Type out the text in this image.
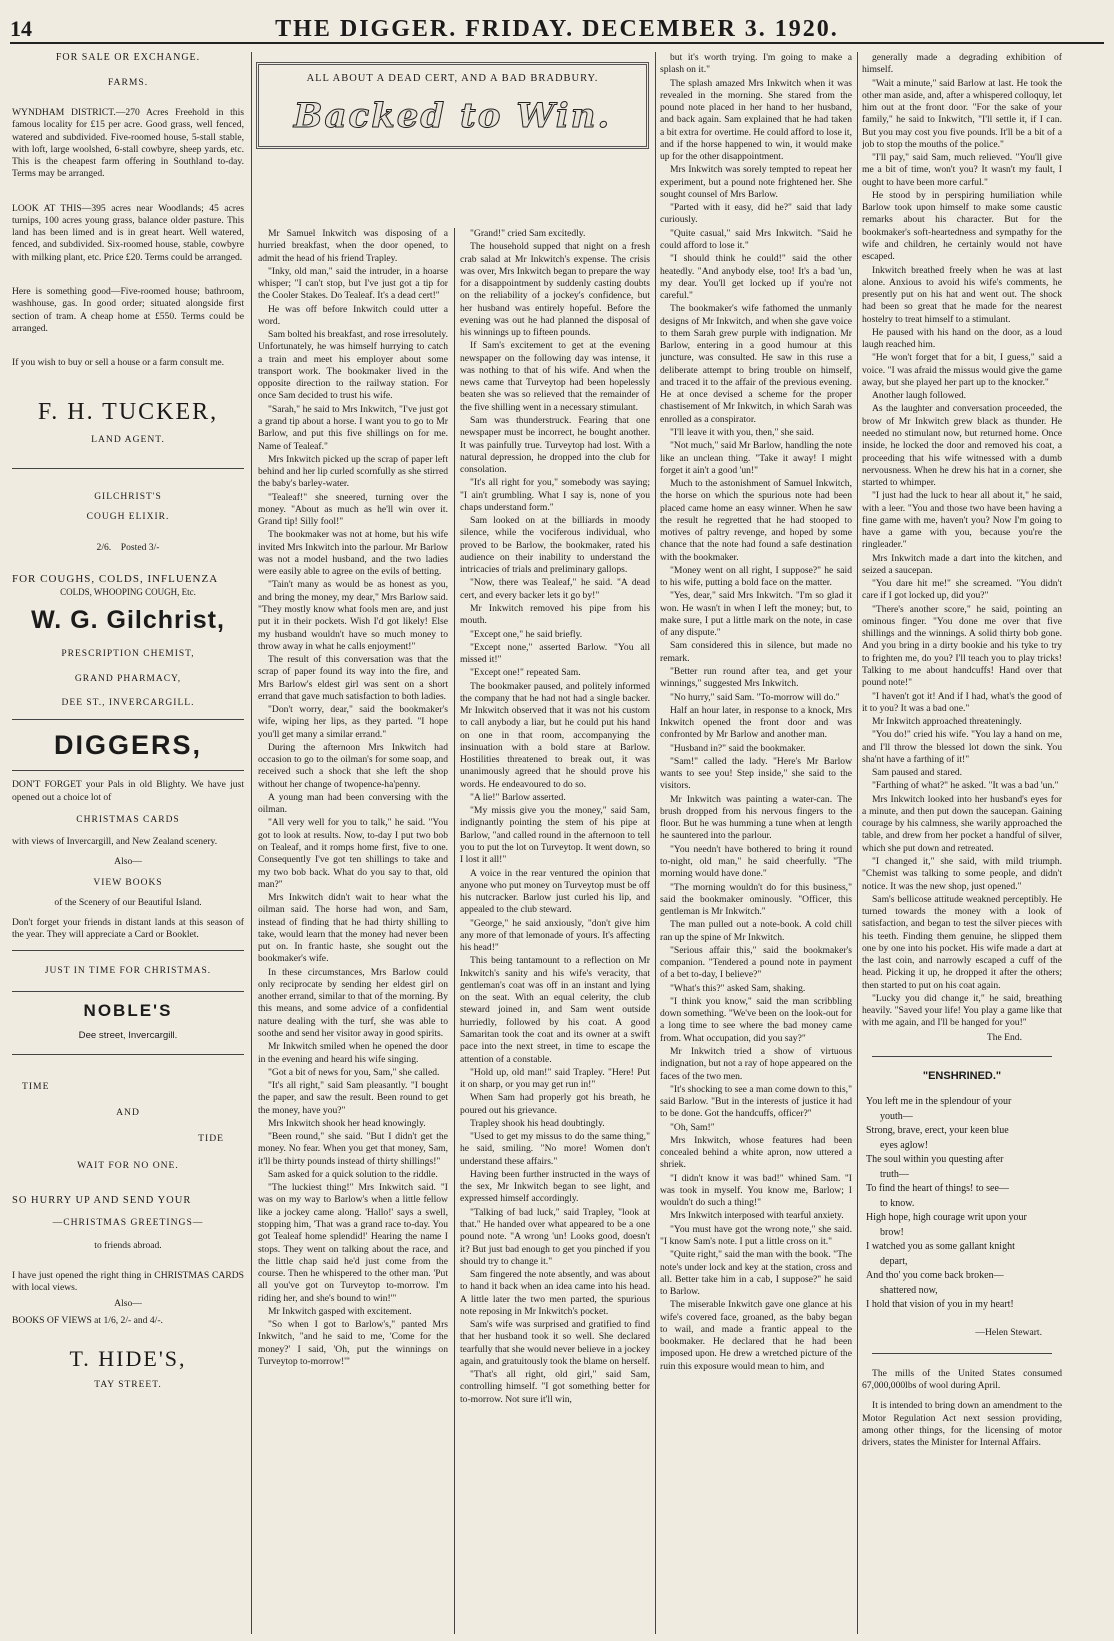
14	THE DIGGER. FRIDAY. DECEMBER 3. 1920.

FOR SALE OR EXCHANGE.

FARMS.

WYNDHAM DISTRICT.—270 Acres Freehold in this famous locality for £15 per acre. Good grass, well fenced, watered and subdivided. Five-roomed house, 5-stall stable, with loft, large woolshed, 6-stall cowbyre, sheep yards, etc. This is the cheapest farm offering in Southland to-day. Terms may be arranged.

LOOK AT THIS—395 acres near Woodlands; 45 acres turnips, 100 acres young grass, balance older pasture. This land has been limed and is in great heart. Well watered, fenced, and subdivided. Six-roomed house, stable, cowbyre with milking plant, etc. Price £20. Terms could be arranged.

Here is something good—Five-roomed house; bathroom, washhouse, gas. In good order; situated alongside first section of tram. A cheap home at £550. Terms could be arranged.

If you wish to buy or sell a house or a farm consult me.

F. H. TUCKER,

LAND AGENT.

GILCHRIST'S

COUGH ELIXIR.

2/6. Posted 3/-

FOR COUGHS, COLDS, INFLUENZA

COLDS, WHOOPING COUGH, Etc.

W. G. Gilchrist,

PRESCRIPTION CHEMIST,

GRAND PHARMACY,

DEE ST., INVERCARGILL.

DIGGERS,

DON'T FORGET your Pals in old Blighty. We have just opened out a choice lot of

CHRISTMAS CARDS

with views of Invercargill, and New Zealand scenery.

Also—

VIEW BOOKS

of the Scenery of our Beautiful Island.

Don't forget your friends in distant lands at this season of the year. They will appreciate a Card or Booklet.

JUST IN TIME FOR CHRISTMAS.

NOBLE'S

Dee street, Invercargill.

TIME

AND

TIDE

WAIT FOR NO ONE.

SO HURRY UP AND SEND YOUR

—CHRISTMAS GREETINGS—

to friends abroad.

I have just opened the right thing in CHRISTMAS CARDS with local views.

Also—

BOOKS OF VIEWS at 1/6, 2/- and 4/-.

T. HIDE'S,

TAY STREET.

ALL ABOUT A DEAD CERT, AND A BAD BRADBURY.
Backed to Win.

Mr Samuel Inkwitch was disposing of a hurried breakfast, when the door opened, to admit the head of his friend Trapley.

"Inky, old man," said the intruder, in a hoarse whisper; "I can't stop, but I've just got a tip for the Cooler Stakes. Do Tealeaf. It's a dead cert!"

He was off before Inkwitch could utter a word.

Sam bolted his breakfast, and rose irresolutely. Unfortunately, he was himself hurrying to catch a train and meet his employer about some transport work. The bookmaker lived in the opposite direction to the railway station. For once Sam decided to trust his wife.

"Sarah," he said to Mrs Inkwitch, "I've just got a grand tip about a horse. I want you to go to Mr Barlow, and put this five shillings on for me. Name of Tealeaf."

Mrs Inkwitch picked up the scrap of paper left behind and her lip curled scornfully as she stirred the baby's barley-water.

"Tealeaf!" she sneered, turning over the money. "About as much as he'll win over it. Grand tip! Silly fool!"

The bookmaker was not at home, but his wife invited Mrs Inkwitch into the parlour. Mr Barlow was not a model husband, and the two ladies were easily able to agree on the evils of betting.

"Tain't many as would be as honest as you, and bring the money, my dear," Mrs Barlow said. "They mostly know what fools men are, and just put it in their pockets. Wish I'd got likely! Else my husband wouldn't have so much money to throw away in what he calls enjoyment!"

The result of this conversation was that the scrap of paper found its way into the fire, and Mrs Barlow's eldest girl was sent on a short errand that gave much satisfaction to both ladies.

"Don't worry, dear," said the bookmaker's wife, wiping her lips, as they parted. "I hope you'll get many a similar errand."

During the afternoon Mrs Inkwitch had occasion to go to the oilman's for some soap, and received such a shock that she left the shop without her change of twopence-ha'penny.

A young man had been conversing with the oilman.

"All very well for you to talk," he said. "You got to look at results. Now, to-day I put two bob on Tealeaf, and it romps home first, five to one. Consequently I've got ten shillings to take and my two bob back. What do you say to that, old man?"

Mrs Inkwitch didn't wait to hear what the oilman said. The horse had won, and Sam, instead of finding that he had thirty shilling to take, would learn that the money had never been put on. In frantic haste, she sought out the bookmaker's wife.

In these circumstances, Mrs Barlow could only reciprocate by sending her eldest girl on another errand, similar to that of the morning. By this means, and some advice of a confidential nature dealing with the turf, she was able to soothe and send her visitor away in good spirits.

Mr Inkwitch smiled when he opened the door in the evening and heard his wife singing.

"Got a bit of news for you, Sam," she called.

"It's all right," said Sam pleasantly. "I bought the paper, and saw the result. Been round to get the money, have you?"

Mrs Inkwitch shook her head knowingly.

"Been round," she said. "But I didn't get the money. No fear. When you get that money, Sam, it'll be thirty pounds instead of thirty shillings!"

Sam asked for a quick solution to the riddle.

"The luckiest thing!" Mrs Inkwitch said. "I was on my way to Barlow's when a little fellow like a jockey came along. 'Hallo!' says a swell, stopping him, 'That was a grand race to-day. You got Tealeaf home splendid!' Hearing the name I stops. They went on talking about the race, and the little chap said he'd just come from the course. Then he whispered to the other man. 'Put all you've got on Turveytop to-morrow. I'm riding her, and she's bound to win!'"

Mr Inkwitch gasped with excitement.

"So when I got to Barlow's," panted Mrs Inkwitch, "and he said to me, 'Come for the money?' I said, 'Oh, put the winnings on Turveytop to-morrow!'"

"Grand!" cried Sam excitedly.

The household supped that night on a fresh crab salad at Mr Inkwitch's expense. The crisis was over, Mrs Inkwitch began to prepare the way for a disappointment by suddenly casting doubts on the reliability of a jockey's confidence, but her husband was entirely hopeful. Before the evening was out he had planned the disposal of his winnings up to fifteen pounds.

If Sam's excitement to get at the evening newspaper on the following day was intense, it was nothing to that of his wife. And when the news came that Turveytop had been hopelessly beaten she was so relieved that the remainder of the five shilling went in a necessary stimulant.

Sam was thunderstruck. Fearing that one newspaper must be incorrect, he bought another. It was painfully true. Turveytop had lost. With a natural depression, he dropped into the club for consolation.

"It's all right for you," somebody was saying; "I ain't grumbling. What I say is, none of you chaps understand form."

Sam looked on at the billiards in moody silence, while the vociferous individual, who proved to be Barlow, the bookmaker, rated his audience on their inability to understand the intricacies of trials and preliminary gallops.

"Now, there was Tealeaf," he said. "A dead cert, and every backer lets it go by!"

Mr Inkwitch removed his pipe from his mouth.

"Except one," he said briefly.

"Except none," asserted Barlow. "You all missed it!"

"Except one!" repeated Sam.

The bookmaker paused, and politely informed the company that he had not had a single backer. Mr Inkwitch observed that it was not his custom to call anybody a liar, but he could put his hand on one in that room, accompanying the insinuation with a bold stare at Barlow. Hostilities threatened to break out, it was unanimously agreed that he should prove his words. He endeavoured to do so.

"A lie!" Barlow asserted.

"My missis give you the money," said Sam, indignantly pointing the stem of his pipe at Barlow, "and called round in the afternoon to tell you to put the lot on Turveytop. It went down, so I lost it all!"

A voice in the rear ventured the opinion that anyone who put money on Turveytop must be off his nutcracker. Barlow just curled his lip, and appealed to the club steward.

"George," he said anxiously, "don't give him any more of that lemonade of yours. It's affecting his head!"

This being tantamount to a reflection on Mr Inkwitch's sanity and his wife's veracity, that gentleman's coat was off in an instant and lying on the seat. With an equal celerity, the club steward joined in, and Sam went outside hurriedly, followed by his coat. A good Samaritan took the coat and its owner at a swift pace into the next street, in time to escape the attention of a constable.

"Hold up, old man!" said Trapley. "Here! Put it on sharp, or you may get run in!"

When Sam had properly got his breath, he poured out his grievance.

Trapley shook his head doubtingly.

"Used to get my missus to do the same thing," he said, smiling. "No more! Women don't understand these affairs."

Having been further instructed in the ways of the sex, Mr Inkwitch began to see light, and expressed himself accordingly.

"Talking of bad luck," said Trapley, "look at that." He handed over what appeared to be a one pound note. "A wrong 'un! Looks good, doesn't it? But just bad enough to get you pinched if you should try to change it."

Sam fingered the note absently, and was about to hand it back when an idea came into his head. A little later the two men parted, the spurious note reposing in Mr Inkwitch's pocket.

Sam's wife was surprised and gratified to find that her husband took it so well. She declared tearfully that she would never believe in a jockey again, and gratuitously took the blame on herself.

"That's all right, old girl," said Sam, controlling himself. "I got something better for to-morrow. Not sure it'll win,

but it's worth trying. I'm going to make a splash on it."

The splash amazed Mrs Inkwitch when it was revealed in the morning. She stared from the pound note placed in her hand to her husband, and back again. Sam explained that he had taken a bit extra for overtime. He could afford to lose it, and if the horse happened to win, it would make up for the other disappointment.

Mrs Inkwitch was sorely tempted to repeat her experiment, but a pound note frightened her. She sought counsel of Mrs Barlow.

"Parted with it easy, did he?" said that lady curiously.

"Quite casual," said Mrs Inkwitch. "Said he could afford to lose it."

"I should think he could!" said the other heatedly. "And anybody else, too! It's a bad 'un, my dear. You'll get locked up if you're not careful."

The bookmaker's wife fathomed the unmanly designs of Mr Inkwitch, and when she gave voice to them Sarah grew purple with indignation. Mr Barlow, entering in a good humour at this juncture, was consulted. He saw in this ruse a deliberate attempt to bring trouble on himself, and traced it to the affair of the previous evening. He at once devised a scheme for the proper chastisement of Mr Inkwitch, in which Sarah was enrolled as a conspirator.

"I'll leave it with you, then," she said.

"Not much," said Mr Barlow, handling the note like an unclean thing. "Take it away! I might forget it ain't a good 'un!"

Much to the astonishment of Samuel Inkwitch, the horse on which the spurious note had been placed came home an easy winner. When he saw the result he regretted that he had stooped to motives of paltry revenge, and hoped by some chance that the note had found a safe destination with the bookmaker.

"Money went on all right, I suppose?" he said to his wife, putting a bold face on the matter.

"Yes, dear," said Mrs Inkwitch. "I'm so glad it won. He wasn't in when I left the money; but, to make sure, I put a little mark on the note, in case of any dispute."

Sam considered this in silence, but made no remark.

"Better run round after tea, and get your winnings," suggested Mrs Inkwitch.

"No hurry," said Sam. "To-morrow will do."

Half an hour later, in response to a knock, Mrs Inkwitch opened the front door and was confronted by Mr Barlow and another man.

"Husband in?" said the bookmaker.

"Sam!" called the lady. "Here's Mr Barlow wants to see you! Step inside," she said to the visitors.

Mr Inkwitch was painting a water-can. The brush dropped from his nervous fingers to the floor. But he was humming a tune when at length he sauntered into the parlour.

"You needn't have bothered to bring it round to-night, old man," he said cheerfully. "The morning would have done."

"The morning wouldn't do for this business," said the bookmaker ominously. "Officer, this gentleman is Mr Inkwitch."

The man pulled out a note-book. A cold chill ran up the spine of Mr Inkwitch.

"Serious affair this," said the bookmaker's companion. "Tendered a pound note in payment of a bet to-day, I believe?"

"What's this?" asked Sam, shaking.

"I think you know," said the man scribbling down something. "We've been on the look-out for a long time to see where the bad money came from. What occupation, did you say?"

Mr Inkwitch tried a show of virtuous indignation, but not a ray of hope appeared on the faces of the two men.

"It's shocking to see a man come down to this," said Barlow. "But in the interests of justice it had to be done. Got the handcuffs, officer?"

"Oh, Sam!"

Mrs Inkwitch, whose features had been concealed behind a white apron, now uttered a shriek.

"I didn't know it was bad!" whined Sam. "I was took in myself. You know me, Barlow; I wouldn't do such a thing!"

Mrs Inkwitch interposed with tearful anxiety.

"You must have got the wrong note," she said. "I know Sam's note. I put a little cross on it."

"Quite right," said the man with the book. "The note's under lock and key at the station, cross and all. Better take him in a cab, I suppose?" he said to Barlow.

The miserable Inkwitch gave one glance at his wife's covered face, groaned, as the baby began to wail, and made a frantic appeal to the bookmaker. He declared that he had been imposed upon. He drew a wretched picture of the ruin this exposure would mean to him, and

generally made a degrading exhibition of himself.

"Wait a minute," said Barlow at last. He took the other man aside, and, after a whispered colloquy, let him out at the front door. "For the sake of your family," he said to Inkwitch, "I'll settle it, if I can. But you may cost you five pounds. It'll be a bit of a job to stop the mouths of the police."

"I'll pay," said Sam, much relieved. "You'll give me a bit of time, won't you? It wasn't my fault, I ought to have been more carful."

He stood by in perspiring humiliation while Barlow took upon himself to make some caustic remarks about his character. But for the bookmaker's soft-heartedness and sympathy for the wife and children, he certainly would not have escaped.

Inkwitch breathed freely when he was at last alone. Anxious to avoid his wife's comments, he presently put on his hat and went out. The shock had been so great that he made for the nearest hostelry to treat himself to a stimulant.

He paused with his hand on the door, as a loud laugh reached him.

"He won't forget that for a bit, I guess," said a voice. "I was afraid the missus would give the game away, but she played her part up to the knocker."

Another laugh followed.

As the laughter and conversation proceeded, the brow of Mr Inkwitch grew black as thunder. He needed no stimulant now, but returned home. Once inside, he locked the door and removed his coat, a proceeding that his wife witnessed with a dumb nervousness. When he drew his hat in a corner, she started to whimper.

"I just had the luck to hear all about it," he said, with a leer. "You and those two have been having a fine game with me, haven't you? Now I'm going to have a game with you, because you're the ringleader."

Mrs Inkwitch made a dart into the kitchen, and seized a saucepan.

"You dare hit me!" she screamed. "You didn't care if I got locked up, did you?"

"There's another score," he said, pointing an ominous finger. "You done me over that five shillings and the winnings. A solid thirty bob gone. And you bring in a dirty bookie and his tyke to try to frighten me, do you? I'll teach you to play tricks! Talking to me about handcuffs! Hand over that pound note!"

"I haven't got it! And if I had, what's the good of it to you? It was a bad one."

Mr Inkwitch approached threateningly.

"You do!" cried his wife. "You lay a hand on me, and I'll throw the blessed lot down the sink. You sha'nt have a farthing of it!"

Sam paused and stared.

"Farthing of what?" he asked. "It was a bad 'un."

Mrs Inkwitch looked into her husband's eyes for a minute, and then put down the saucepan. Gaining courage by his calmness, she warily approached the table, and drew from her pocket a handful of silver, which she put down and retreated.

"I changed it," she said, with mild triumph. "Chemist was talking to some people, and didn't notice. It was the new shop, just opened."

Sam's bellicose attitude weakned perceptibly. He turned towards the money with a look of satisfaction, and began to test the silver pieces with his teeth. Finding them genuine, he slipped them one by one into his pocket. His wife made a dart at the last coin, and narrowly escaped a cuff of the head. Picking it up, he dropped it after the others; then started to put on his coat again.

"Lucky you did change it," he said, breathing heavily. "Saved your life! You play a game like that with me again, and I'll be hanged for you!"

The End.

"ENSHRINED."
You left me in the splendour of your
youth—
Strong, brave, erect, your keen blue
eyes aglow!
The soul within you questing after
truth—
To find the heart of things! to see—
to know.
High hope, high courage writ upon your
brow!
I watched you as some gallant knight
depart,
And tho' you come back broken—
shattered now,
I hold that vision of you in my heart!

—Helen Stewart.

The mills of the United States consumed 67,000,000lbs of wool during April.

It is intended to bring down an amendment to the Motor Regulation Act next session providing, among other things, for the licensing of motor drivers, states the Minister for Internal Affairs.
